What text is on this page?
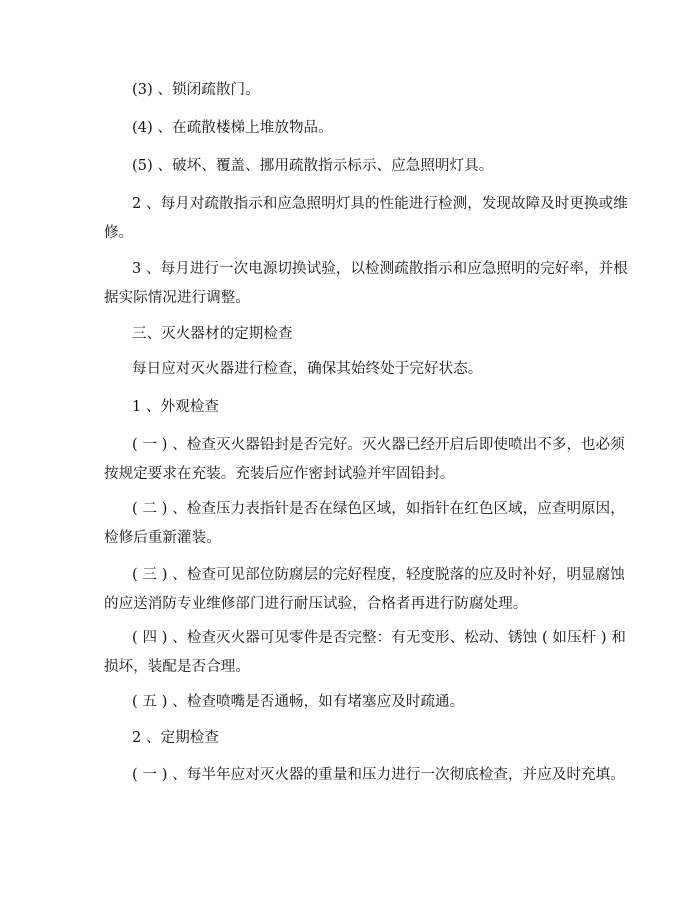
(3) 、锁闭疏散门。
(4) 、在疏散楼梯上堆放物品。
(5) 、破坏、覆盖、挪用疏散指示标示、应急照明灯具。
2 、每月对疏散指示和应急照明灯具的性能进行检测，发现故障及时更换或维
修。
3 、每月进行一次电源切换试验，以检测疏散指示和应急照明的完好率，并根
据实际情况进行调整。
三、灭火器材的定期检查
每日应对灭火器进行检查，确保其始终处于完好状态。
1 、外观检查
( 一 ) 、检查灭火器铅封是否完好。灭火器已经开启后即使喷出不多，也必须
按规定要求在充装。充装后应作密封试验并牢固铅封。
( 二 ) 、检查压力表指针是否在绿色区域，如指针在红色区域，应查明原因，
检修后重新灌装。
( 三 ) 、检查可见部位防腐层的完好程度，轻度脱落的应及时补好，明显腐蚀
的应送消防专业维修部门进行耐压试验，合格者再进行防腐处理。
( 四 ) 、检查灭火器可见零件是否完整：有无变形、松动、锈蚀 ( 如压杆 ) 和
损坏，装配是否合理。
( 五 ) 、检查喷嘴是否通畅，如有堵塞应及时疏通。
2 、定期检查
( 一 ) 、每半年应对灭火器的重量和压力进行一次彻底检查，并应及时充填。
